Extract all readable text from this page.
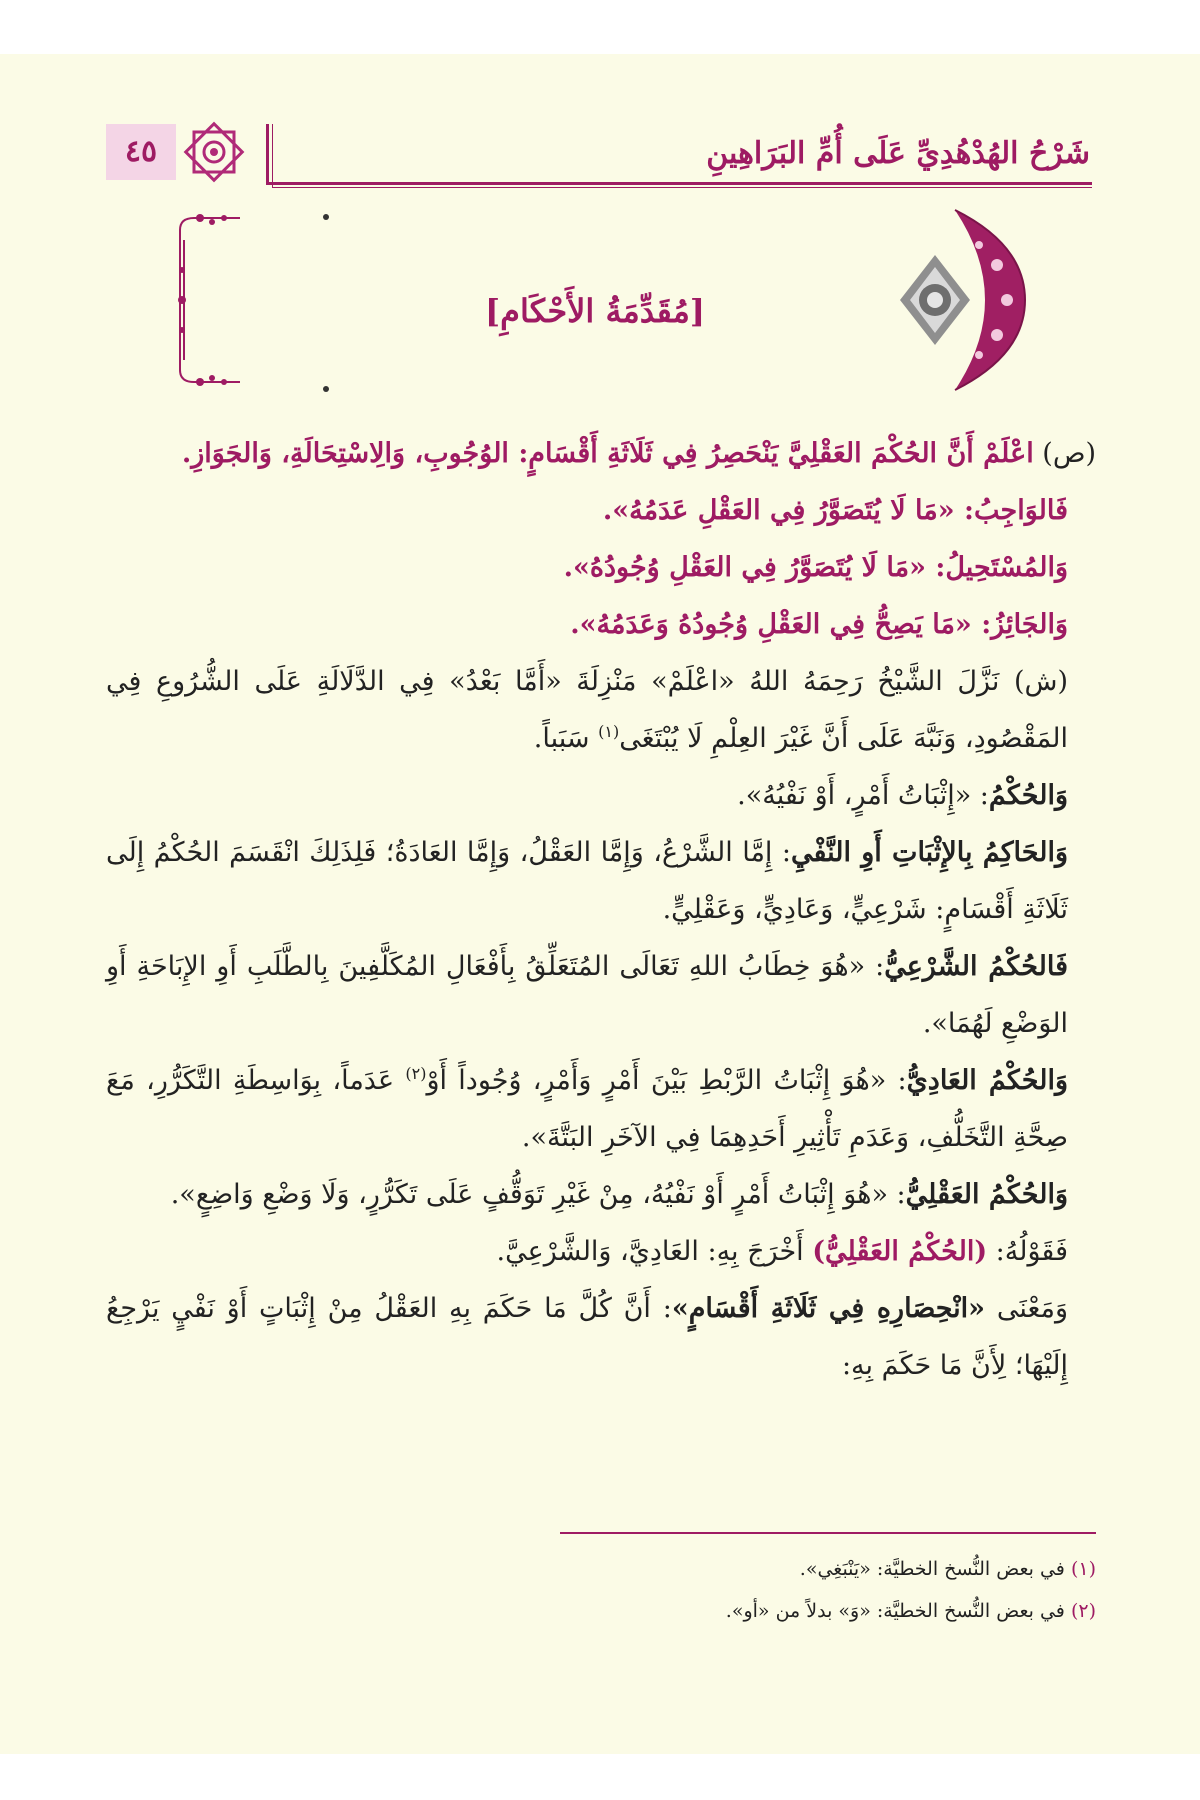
شَرْحُ الهُدْهُدِيِّ عَلَى أُمِّ البَرَاهِينِ
٤٥
[مُقَدِّمَةُ الأَحْكَامِ]

(ص) اعْلَمْ أَنَّ الحُكْمَ العَقْلِيَّ يَنْحَصِرُ فِي ثَلَاثَةِ أَقْسَامٍ: الوُجُوبِ، وَالِاسْتِحَالَةِ، وَالجَوَازِ.

فَالوَاجِبُ: «مَا لَا يُتَصَوَّرُ فِي العَقْلِ عَدَمُهُ».

وَالمُسْتَحِيلُ: «مَا لَا يُتَصَوَّرُ فِي العَقْلِ وُجُودُهُ».

وَالجَائِزُ: «مَا يَصِحُّ فِي العَقْلِ وُجُودُهُ وَعَدَمُهُ».

(ش) نَزَّلَ الشَّيْخُ رَحِمَهُ اللهُ «اعْلَمْ» مَنْزِلَةَ «أَمَّا بَعْدُ» فِي الدَّلَالَةِ عَلَى الشُّرُوعِ فِي المَقْصُودِ، وَنَبَّهَ عَلَى أَنَّ غَيْرَ العِلْمِ لَا يُبْتَغَى$^{(١)}$ سَبَباً.

وَالحُكْمُ: «إِثْبَاتُ أَمْرٍ، أَوْ نَفْيُهُ».

وَالحَاكِمُ بِالإِثْبَاتِ أَوِ النَّفْيِ: إِمَّا الشَّرْعُ، وَإِمَّا العَقْلُ، وَإِمَّا العَادَةُ؛ فَلِذَلِكَ انْقَسَمَ الحُكْمُ إِلَى ثَلَاثَةِ أَقْسَامٍ: شَرْعِيٍّ، وَعَادِيٍّ، وَعَقْلِيٍّ.

فَالحُكْمُ الشَّرْعِيُّ: «هُوَ خِطَابُ اللهِ تَعَالَى المُتَعَلِّقُ بِأَفْعَالِ المُكَلَّفِينَ بِالطَّلَبِ أَوِ الإِبَاحَةِ أَوِ الوَضْعِ لَهُمَا».

وَالحُكْمُ العَادِيُّ: «هُوَ إِثْبَاتُ الرَّبْطِ بَيْنَ أَمْرٍ وَأَمْرٍ، وُجُوداً أَوْ$^{(٢)}$ عَدَماً، بِوَاسِطَةِ التَّكَرُّرِ، مَعَ صِحَّةِ التَّخَلُّفِ، وَعَدَمِ تَأْثِيرِ أَحَدِهِمَا فِي الآخَرِ البَتَّةَ».

وَالحُكْمُ العَقْلِيُّ: «هُوَ إِثْبَاتُ أَمْرٍ أَوْ نَفْيُهُ، مِنْ غَيْرِ تَوَقُّفٍ عَلَى تَكَرُّرٍ، وَلَا وَضْعِ وَاضِعٍ».

فَقَوْلُهُ: (الحُكْمُ العَقْلِيُّ) أَخْرَجَ بِهِ: العَادِيَّ، وَالشَّرْعِيَّ.

وَمَعْنَى «انْحِصَارِهِ فِي ثَلَاثَةِ أَقْسَامٍ»: أَنَّ كُلَّ مَا حَكَمَ بِهِ العَقْلُ مِنْ إِثْبَاتٍ أَوْ نَفْيٍ يَرْجِعُ إِلَيْهَا؛ لِأَنَّ مَا حَكَمَ بِهِ:

(١) في بعض النُّسخ الخطيَّة: «يَنْبَغِي».
(٢) في بعض النُّسخ الخطيَّة: «وَ» بدلاً من «أو».
